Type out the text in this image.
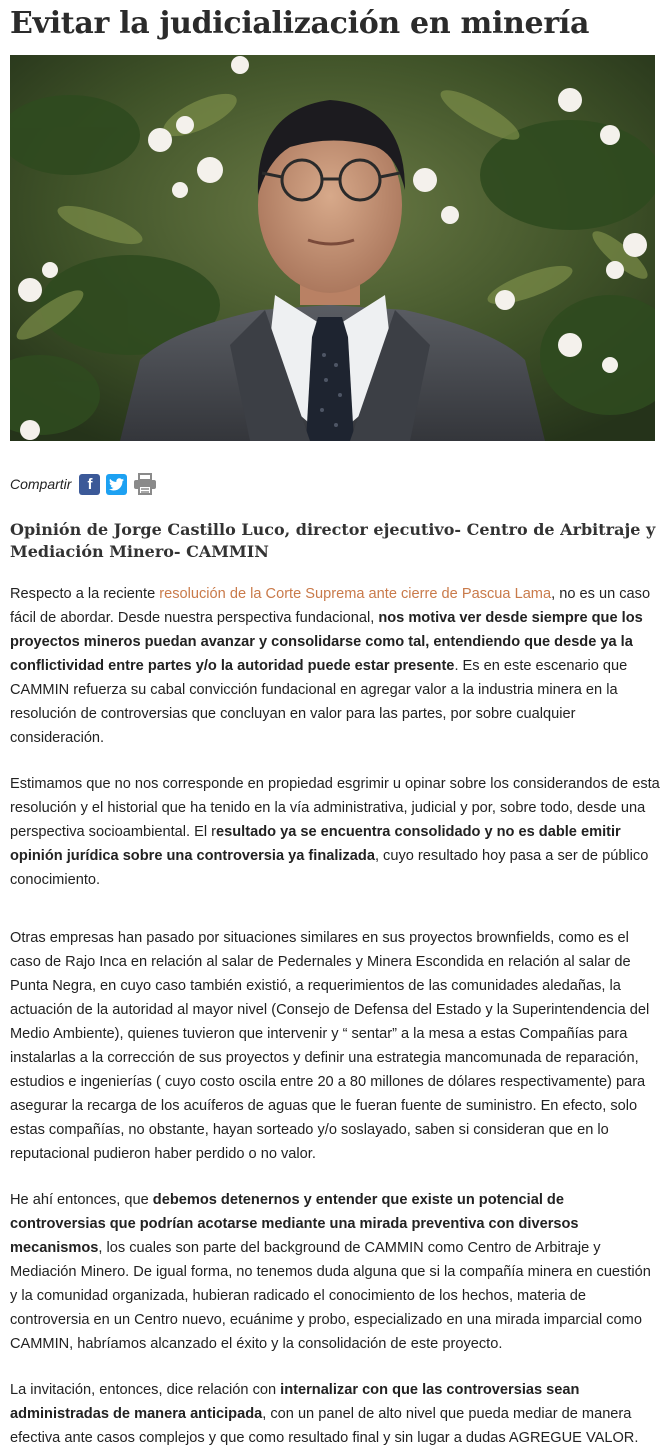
Evitar la judicialización en minería
Compartir f
Opinión de Jorge Castillo Luco, director ejecutivo- Centro de Arbitraje y Mediación Minero- CAMMIN

Respecto a la reciente resolución de la Corte Suprema ante cierre de Pascua Lama, no es un caso fácil de abordar. Desde nuestra perspectiva fundacional, nos motiva ver desde siempre que los proyectos mineros puedan avanzar y consolidarse como tal, entendiendo que desde ya la conflictividad entre partes y/o la autoridad puede estar presente. Es en este escenario que CAMMIN refuerza su cabal convicción fundacional en agregar valor a la industria minera en la resolución de controversias que concluyan en valor para las partes, por sobre cualquier consideración.

Estimamos que no nos corresponde en propiedad esgrimir u opinar sobre los considerandos de esta resolución y el historial que ha tenido en la vía administrativa, judicial y por, sobre todo, desde una perspectiva socioambiental. El resultado ya se encuentra consolidado y no es dable emitir opinión jurídica sobre una controversia ya finalizada, cuyo resultado hoy pasa a ser de público conocimiento.

Otras empresas han pasado por situaciones similares en sus proyectos brownfields, como es el caso de Rajo Inca en relación al salar de Pedernales y Minera Escondida en relación al salar de Punta Negra, en cuyo caso también existió, a requerimientos de las comunidades aledañas, la actuación de la autoridad al mayor nivel (Consejo de Defensa del Estado y la Superintendencia del Medio Ambiente), quienes tuvieron que intervenir y “ sentar” a la mesa a estas Compañías para instalarlas a la corrección de sus proyectos y definir una estrategia mancomunada de reparación, estudios e ingenierías ( cuyo costo oscila entre 20 a 80 millones de dólares respectivamente) para asegurar la recarga de los acuíferos de aguas que le fueran fuente de suministro. En efecto, solo estas compañías, no obstante, hayan sorteado y/o soslayado, saben si consideran que en lo reputacional pudieron haber perdido o no valor.

He ahí entonces, que debemos detenernos y entender que existe un potencial de controversias que podrían acotarse mediante una mirada preventiva con diversos mecanismos, los cuales son parte del background de CAMMIN como Centro de Arbitraje y Mediación Minero. De igual forma, no tenemos duda alguna que si la compañía minera en cuestión y la comunidad organizada, hubieran radicado el conocimiento de los hechos, materia de controversia en un Centro nuevo, ecuánime y probo, especializado en una mirada imparcial como CAMMIN, habríamos alcanzado el éxito y la consolidación de este proyecto.

La invitación, entonces, dice relación con internalizar con que las controversias sean administradas de manera anticipada, con un panel de alto nivel que pueda mediar de manera efectiva ante casos complejos y que como resultado final y sin lugar a dudas AGREGUE VALOR.
